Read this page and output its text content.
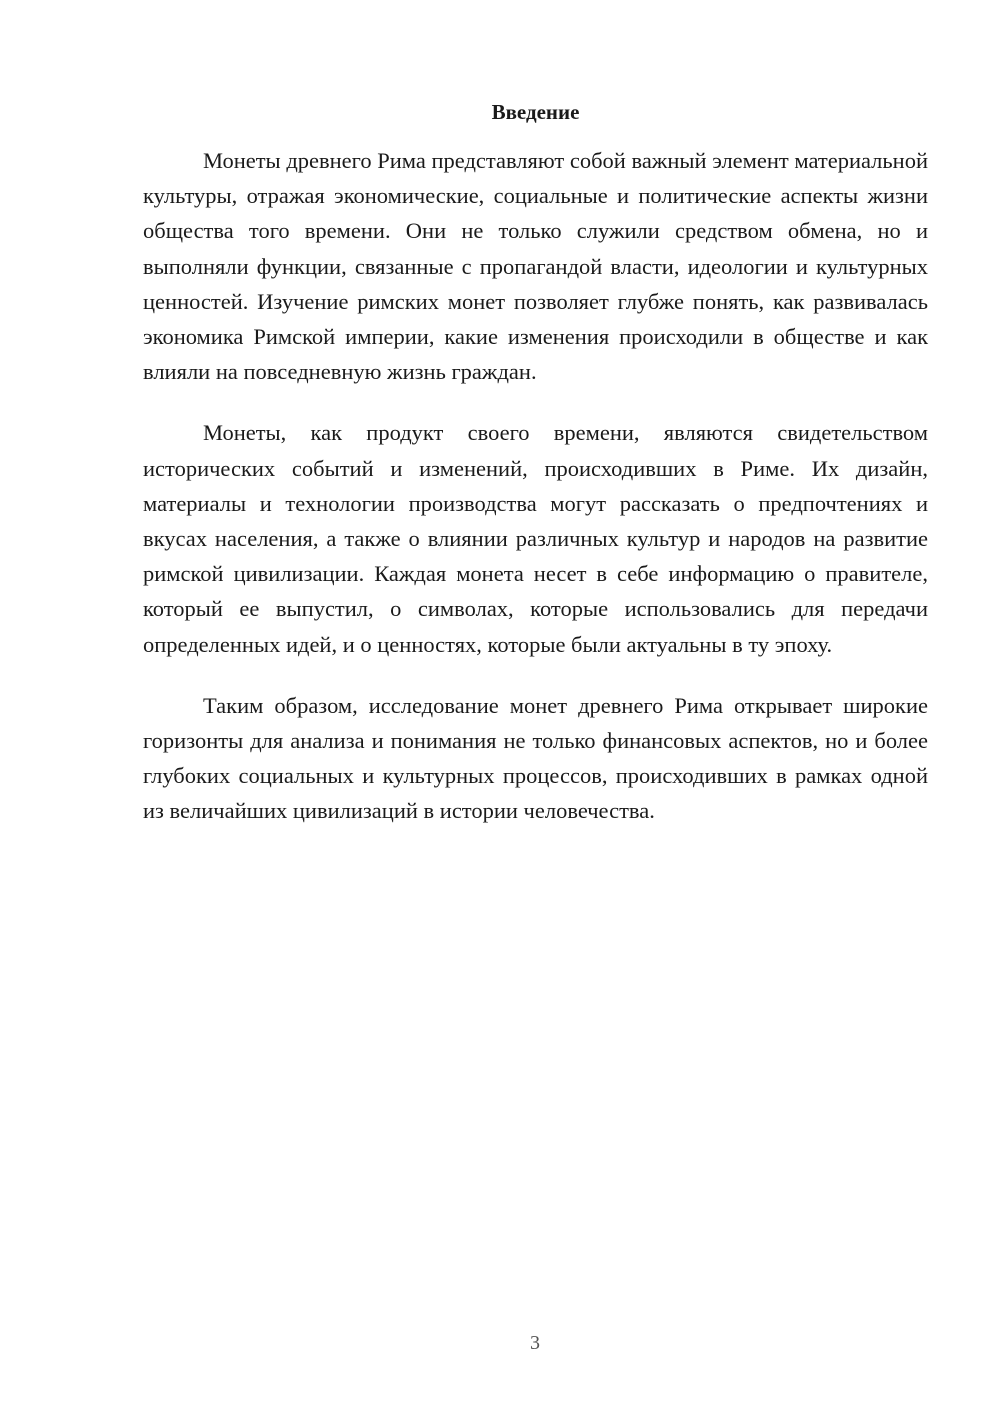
Введение

Монеты древнего Рима представляют собой важный элемент материальной культуры, отражая экономические, социальные и политические аспекты жизни общества того времени. Они не только служили средством обмена, но и выполняли функции, связанные с пропагандой власти, идеологии и культурных ценностей. Изучение римских монет позволяет глубже понять, как развивалась экономика Римской империи, какие изменения происходили в обществе и как влияли на повседневную жизнь граждан.

Монеты, как продукт своего времени, являются свидетельством исторических событий и изменений, происходивших в Риме. Их дизайн, материалы и технологии производства могут рассказать о предпочтениях и вкусах населения, а также о влиянии различных культур и народов на развитие римской цивилизации. Каждая монета несет в себе информацию о правителе, который ее выпустил, о символах, которые использовались для передачи определенных идей, и о ценностях, которые были актуальны в ту эпоху.

Таким образом, исследование монет древнего Рима открывает широкие горизонты для анализа и понимания не только финансовых аспектов, но и более глубоких социальных и культурных процессов, происходивших в рамках одной из величайших цивилизаций в истории человечества.

3
